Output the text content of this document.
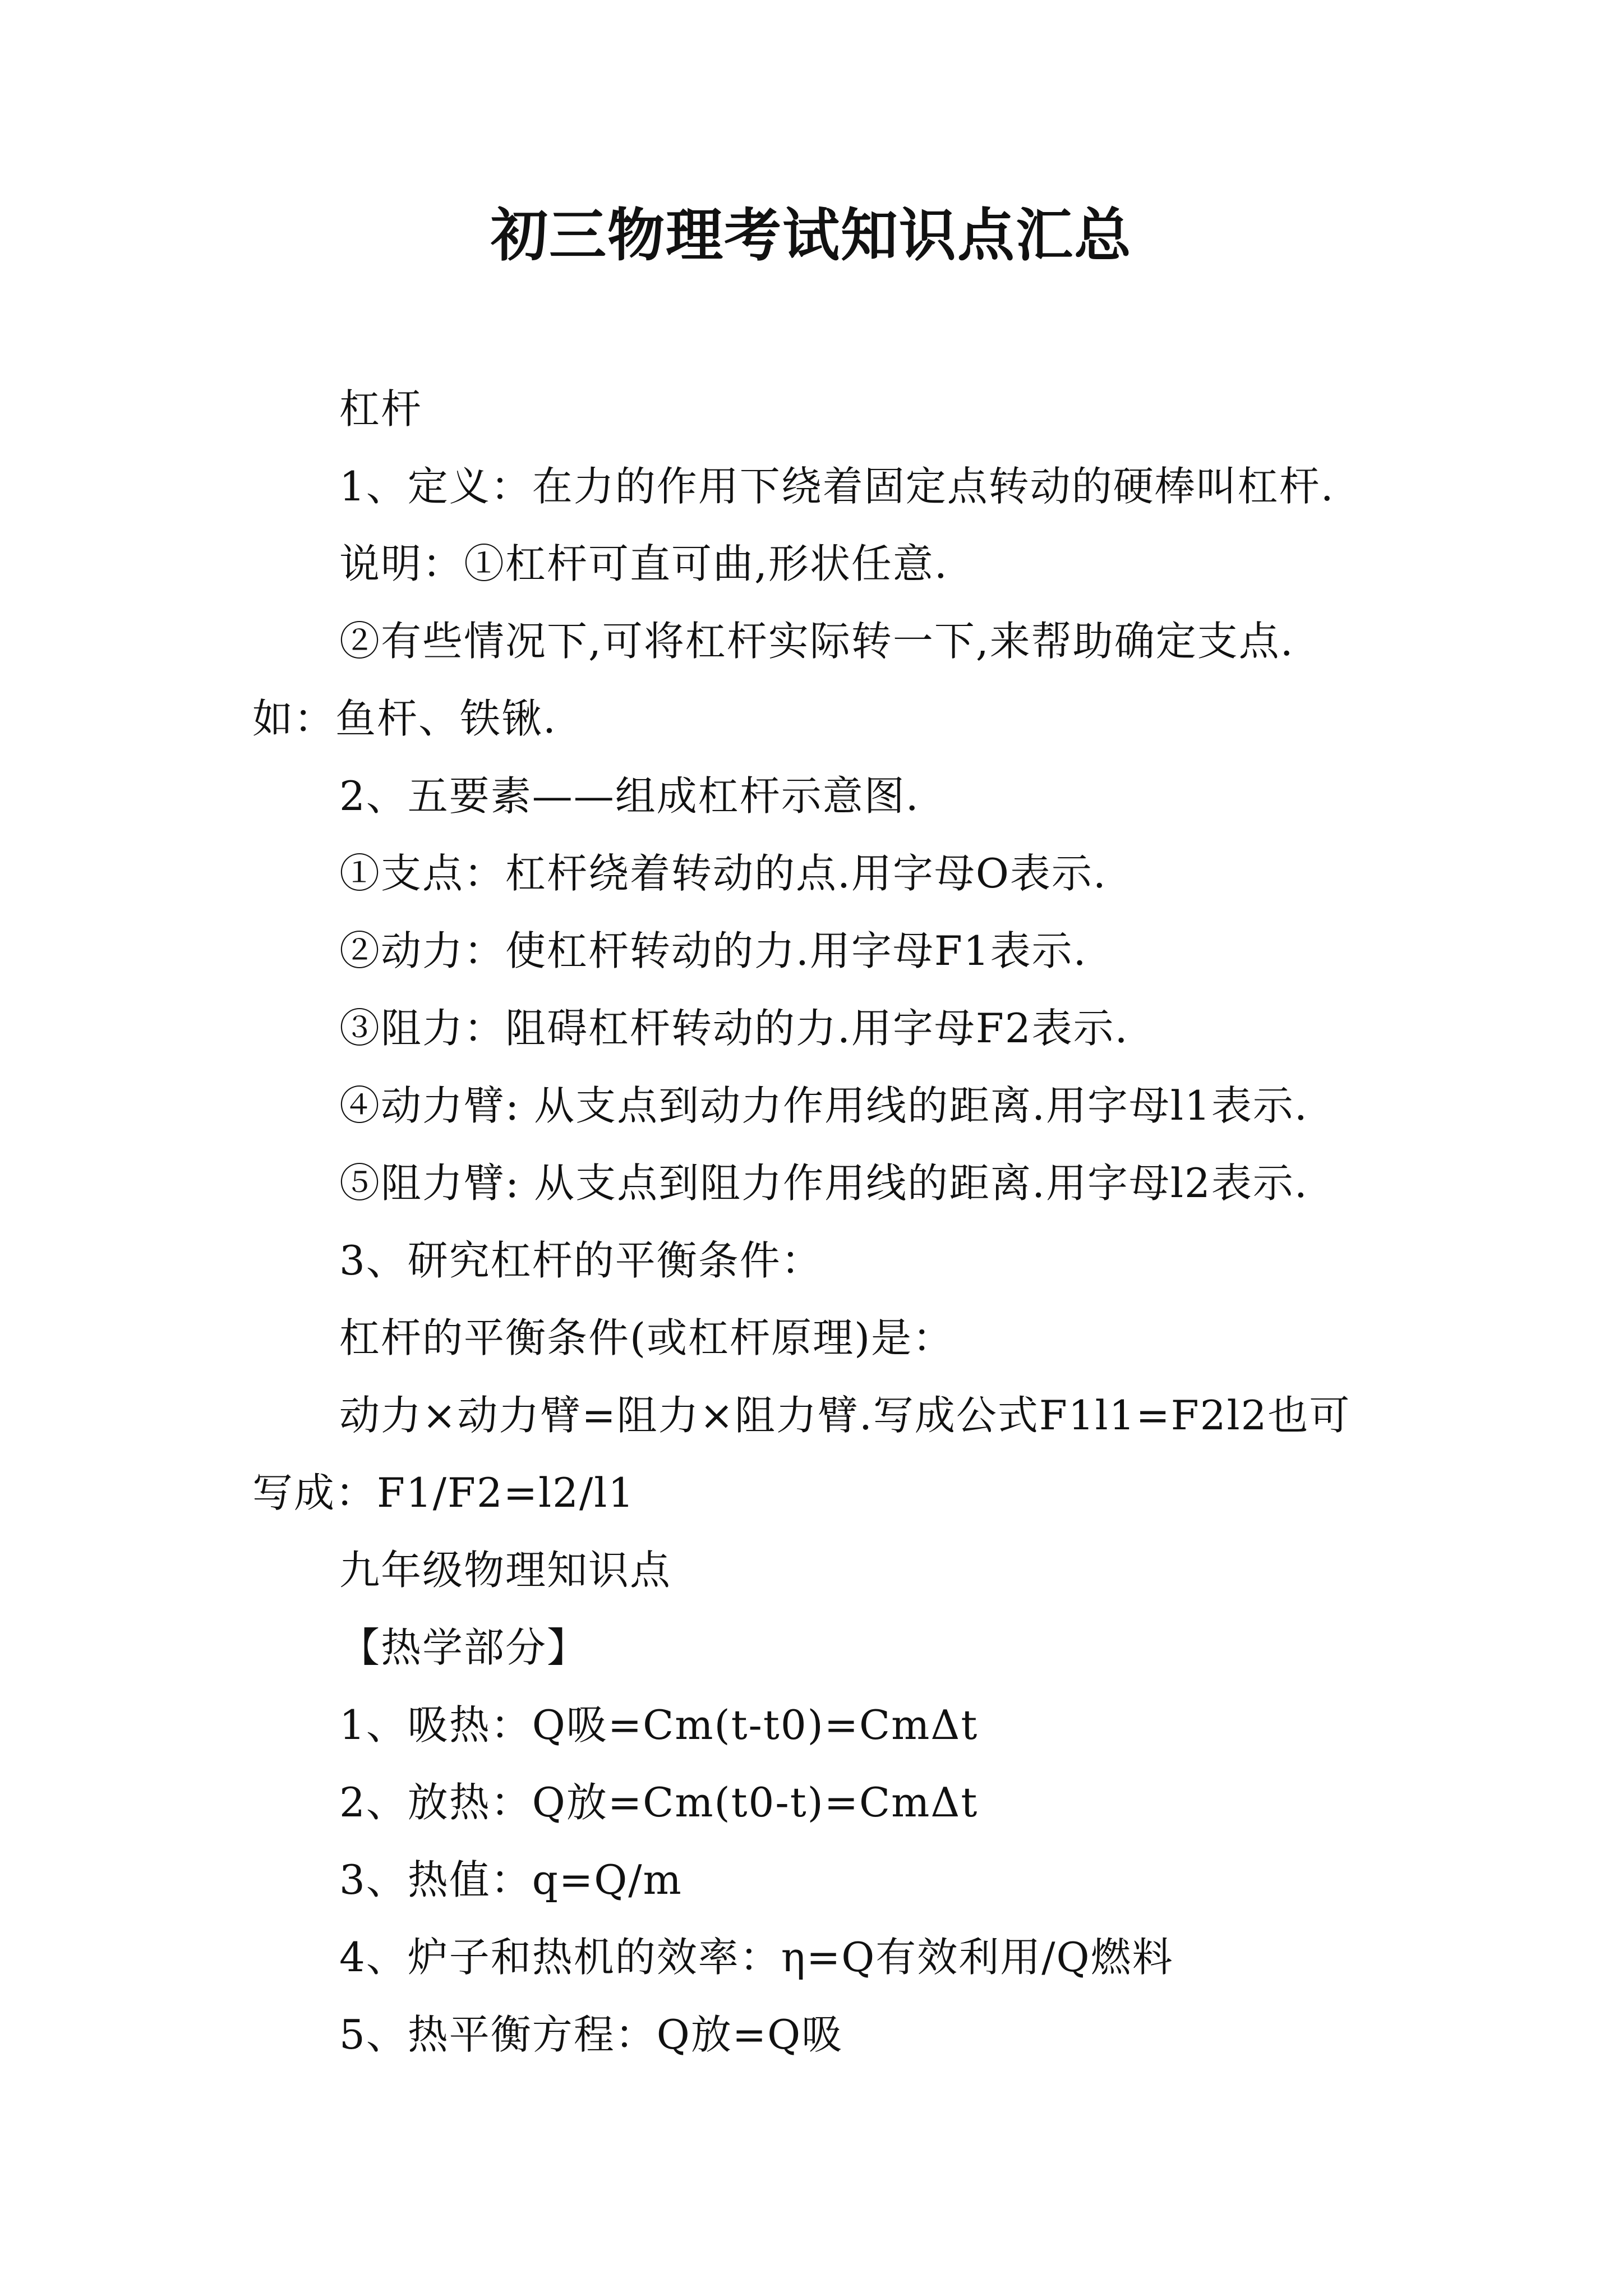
初三物理考试知识点汇总

杠杆

1、定义：在力的作用下绕着固定点转动的硬棒叫杠杆.

说明：①杠杆可直可曲,形状任意.

②有些情况下,可将杠杆实际转一下,来帮助确定支点.

如：鱼杆、铁锹.

2、五要素——组成杠杆示意图.

①支点：杠杆绕着转动的点.用字母O表示.

②动力：使杠杆转动的力.用字母F1表示.

③阻力：阻碍杠杆转动的力.用字母F2表示.

④动力臂: 从支点到动力作用线的距离.用字母l1表示.

⑤阻力臂: 从支点到阻力作用线的距离.用字母l2表示.

3、研究杠杆的平衡条件：

杠杆的平衡条件(或杠杆原理)是：

动力×动力臂=阻力×阻力臂.写成公式F1l1=F2l2也可

写成：F1/F2=l2/l1

九年级物理知识点

【热学部分】

1、吸热：Q吸=Cm(t-t0)=CmΔt

2、放热：Q放=Cm(t0-t)=CmΔt

3、热值：q=Q/m

4、炉子和热机的效率：η=Q有效利用/Q燃料

5、热平衡方程：Q放=Q吸
